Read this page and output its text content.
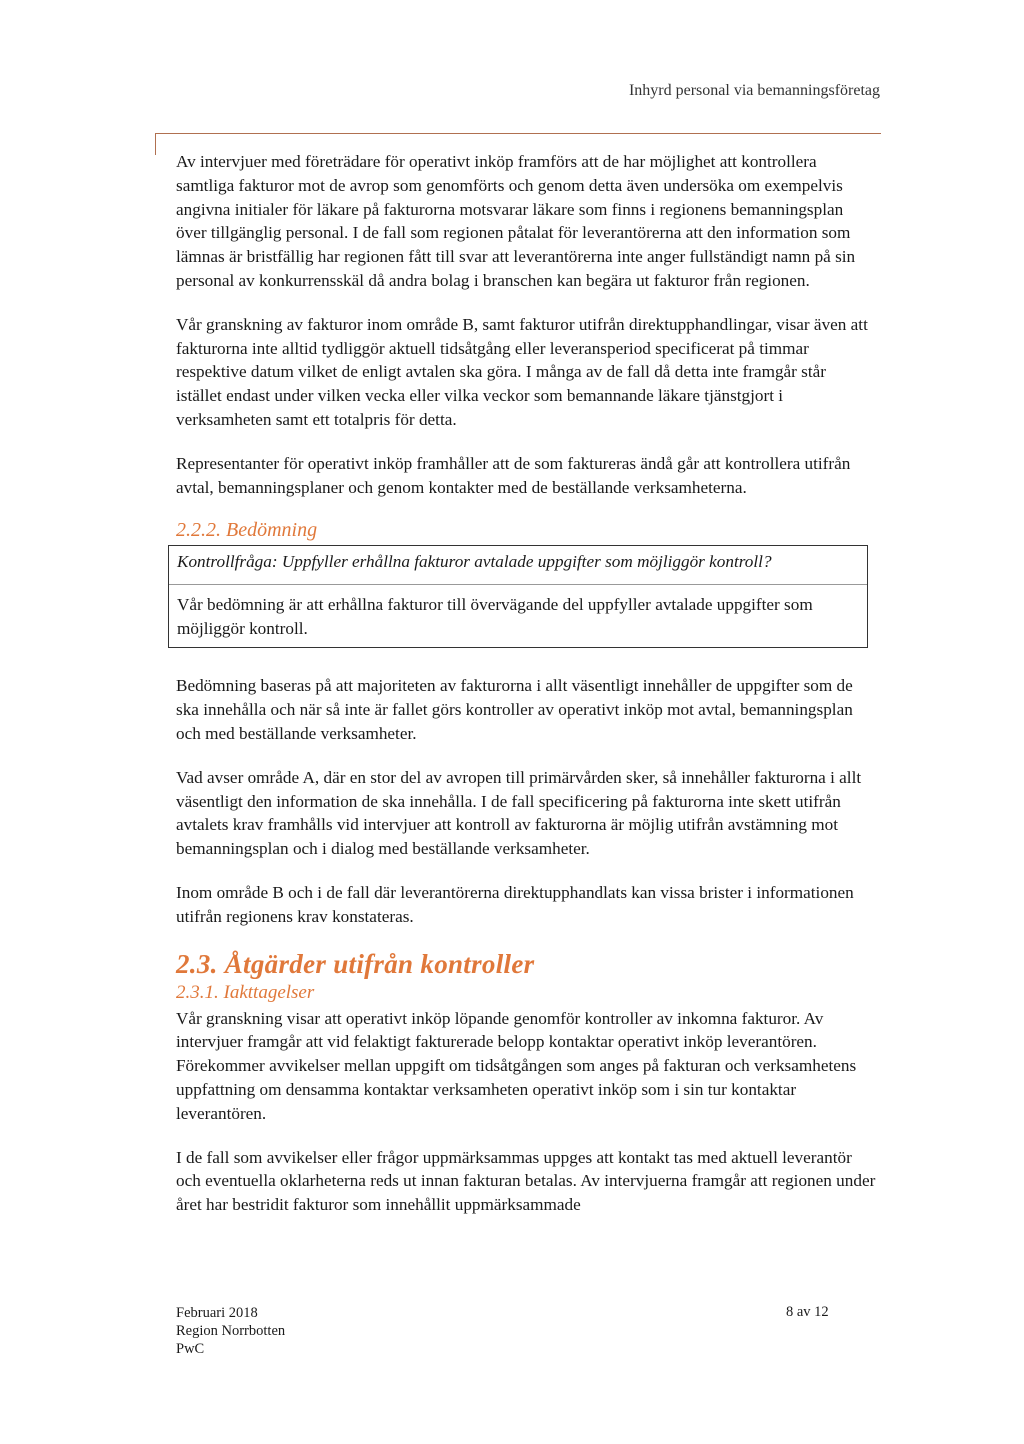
Inhyrd personal via bemanningsföretag

Av intervjuer med företrädare för operativt inköp framförs att de har möjlighet att kontrollera samtliga fakturor mot de avrop som genomförts och genom detta även undersöka om exempelvis angivna initialer för läkare på fakturorna motsvarar läkare som finns i regionens bemanningsplan över tillgänglig personal. I de fall som regionen påtalat för leverantörerna att den information som lämnas är bristfällig har regionen fått till svar att leverantörerna inte anger fullständigt namn på sin personal av konkurrensskäl då andra bolag i branschen kan begära ut fakturor från regionen.

Vår granskning av fakturor inom område B, samt fakturor utifrån direktupphandlingar, visar även att fakturorna inte alltid tydliggör aktuell tidsåtgång eller leveransperiod specificerat på timmar respektive datum vilket de enligt avtalen ska göra. I många av de fall då detta inte framgår står istället endast under vilken vecka eller vilka veckor som bemannande läkare tjänstgjort i verksamheten samt ett totalpris för detta.

Representanter för operativt inköp framhåller att de som faktureras ändå går att kontrollera utifrån avtal, bemanningsplaner och genom kontakter med de beställande verksamheterna.

2.2.2. Bedömning
Kontrollfråga: Uppfyller erhållna fakturor avtalade uppgifter som möjliggör kontroll?

Vår bedömning är att erhållna fakturor till övervägande del uppfyller avtalade uppgifter som möjliggör kontroll.

Bedömning baseras på att majoriteten av fakturorna i allt väsentligt innehåller de uppgifter som de ska innehålla och när så inte är fallet görs kontroller av operativt inköp mot avtal, bemanningsplan och med beställande verksamheter.

Vad avser område A, där en stor del av avropen till primärvården sker, så innehåller fakturorna i allt väsentligt den information de ska innehålla. I de fall specificering på fakturorna inte skett utifrån avtalets krav framhålls vid intervjuer att kontroll av fakturorna är möjlig utifrån avstämning mot bemanningsplan och i dialog med beställande verksamheter.

Inom område B och i de fall där leverantörerna direktupphandlats kan vissa brister i informationen utifrån regionens krav konstateras.

2.3. Åtgärder utifrån kontroller
2.3.1. Iakttagelser

Vår granskning visar att operativt inköp löpande genomför kontroller av inkomna fakturor. Av intervjuer framgår att vid felaktigt fakturerade belopp kontaktar operativt inköp leverantören. Förekommer avvikelser mellan uppgift om tidsåtgången som anges på fakturan och verksamhetens uppfattning om densamma kontaktar verksamheten operativt inköp som i sin tur kontaktar leverantören.

I de fall som avvikelser eller frågor uppmärksammas uppges att kontakt tas med aktuell leverantör och eventuella oklarheterna reds ut innan fakturan betalas. Av intervjuerna framgår att regionen under året har bestridit fakturor som innehållit uppmärksammade

Februari 2018
Region Norrbotten
PwC
8 av 12
